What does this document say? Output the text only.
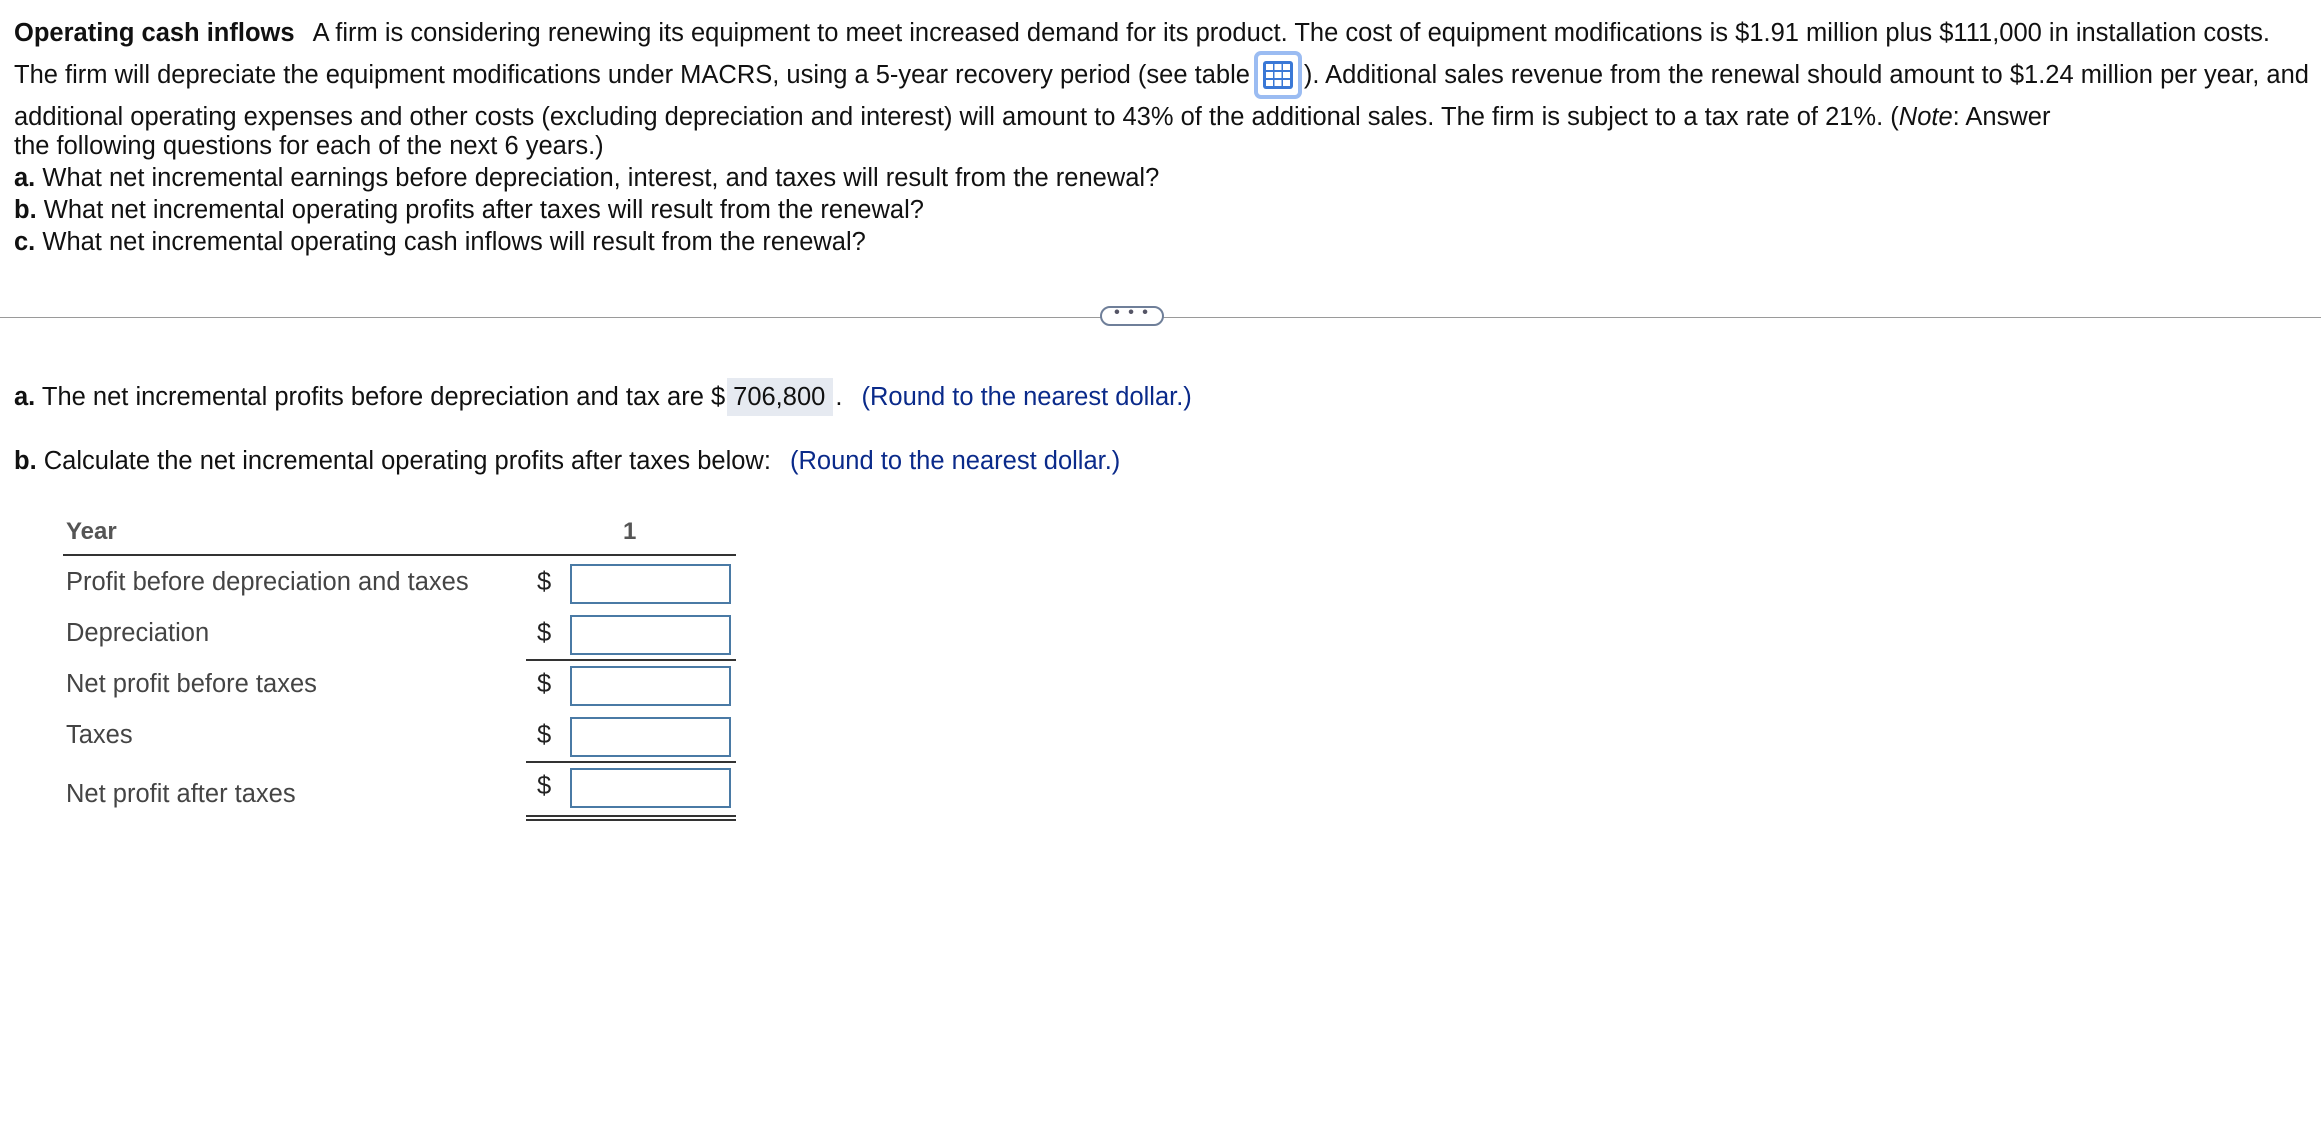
Operating cash inflows A firm is considering renewing its equipment to meet increased demand for its product. The cost of equipment modifications is $1.91 million plus $111,000 in installation costs. The firm will depreciate the equipment modifications under MACRS, using a 5-year recovery period (see table ). Additional sales revenue from the renewal should amount to $1.24 million per year, and additional operating expenses and other costs (excluding depreciation and interest) will amount to 43% of the additional sales. The firm is subject to a tax rate of 21%. (Note: Answer
the following questions for each of the next 6 years.)
a. What net incremental earnings before depreciation, interest, and taxes will result from the renewal?
b. What net incremental operating profits after taxes will result from the renewal?
c. What net incremental operating cash inflows will result from the renewal?
• • •
a. The net incremental profits before depreciation and tax are $ 706,800 . (Round to the nearest dollar.)
b. Calculate the net incremental operating profits after taxes below: (Round to the nearest dollar.)
Year	1
Profit before depreciation and taxes	$
Depreciation	$
Net profit before taxes	$
Taxes	$
Net profit after taxes	$
